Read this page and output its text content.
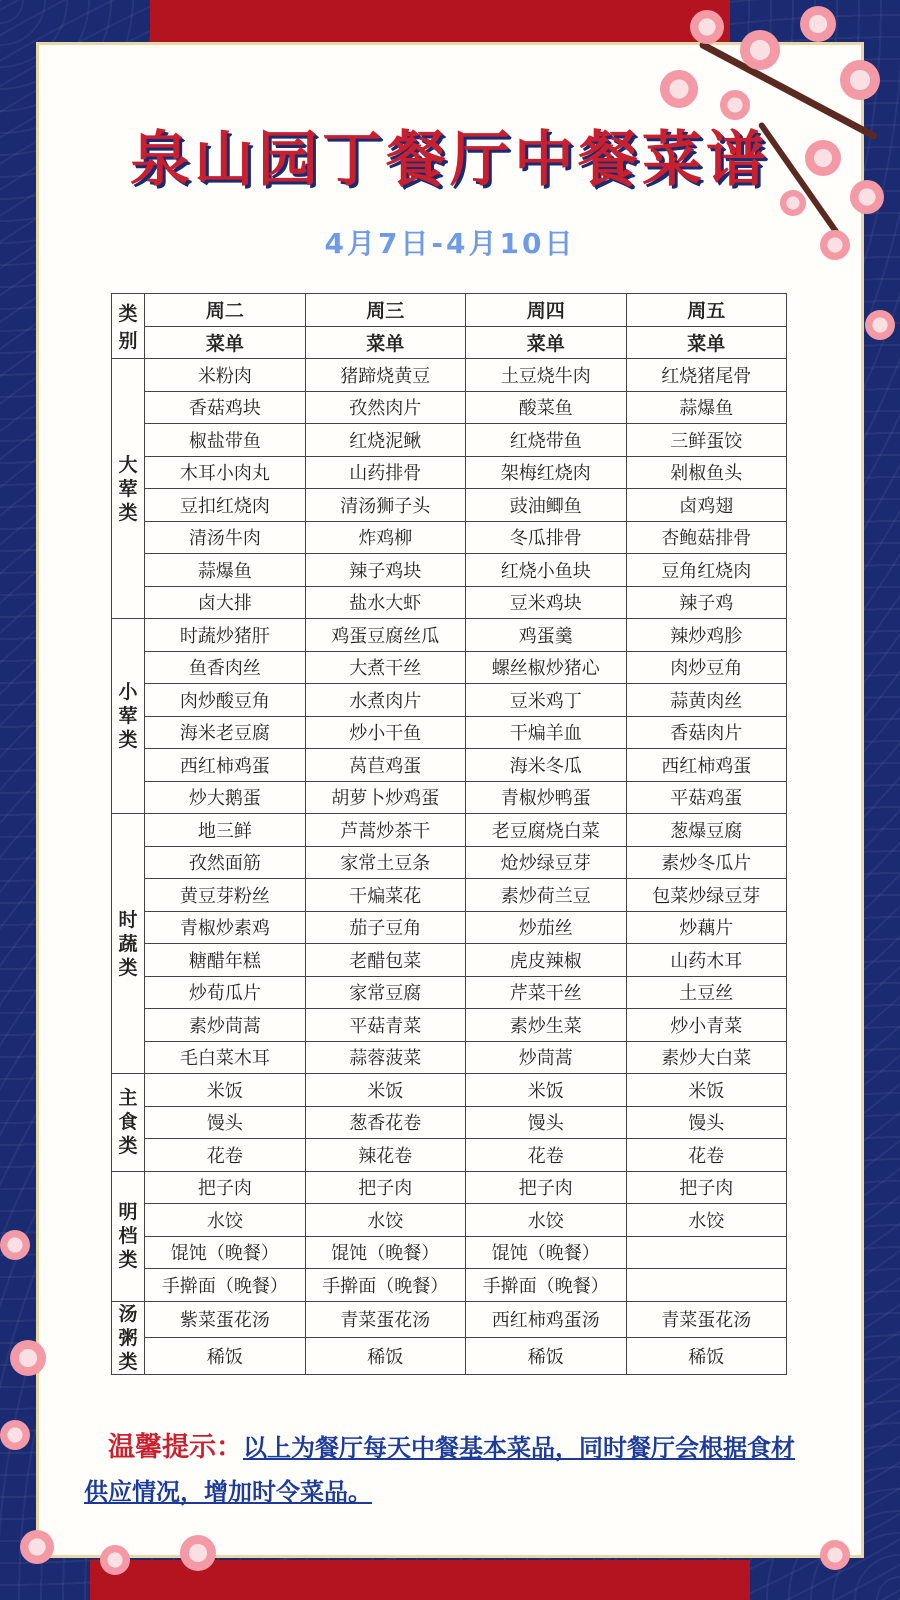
泉山园丁餐厅中餐菜谱
4月7日-4月10日
类
别	周二	周三	周四	周五
	菜单	菜单	菜单	菜单
大
荤
类	米粉肉	猪蹄烧黄豆	土豆烧牛肉	红烧猪尾骨
	香菇鸡块	孜然肉片	酸菜鱼	蒜爆鱼
	椒盐带鱼	红烧泥鳅	红烧带鱼	三鲜蛋饺
	木耳小肉丸	山药排骨	架梅红烧肉	剁椒鱼头
	豆扣红烧肉	清汤狮子头	豉油鲫鱼	卤鸡翅
	清汤牛肉	炸鸡柳	冬瓜排骨	杏鲍菇排骨
	蒜爆鱼	辣子鸡块	红烧小鱼块	豆角红烧肉
	卤大排	盐水大虾	豆米鸡块	辣子鸡
小
荤
类	时蔬炒猪肝	鸡蛋豆腐丝瓜	鸡蛋羹	辣炒鸡胗
	鱼香肉丝	大煮干丝	螺丝椒炒猪心	肉炒豆角
	肉炒酸豆角	水煮肉片	豆米鸡丁	蒜黄肉丝
	海米老豆腐	炒小干鱼	干煸羊血	香菇肉片
	西红柿鸡蛋	莴苣鸡蛋	海米冬瓜	西红柿鸡蛋
	炒大鹅蛋	胡萝卜炒鸡蛋	青椒炒鸭蛋	平菇鸡蛋
时
蔬
类	地三鲜	芦蒿炒茶干	老豆腐烧白菜	葱爆豆腐
	孜然面筋	家常土豆条	炝炒绿豆芽	素炒冬瓜片
	黄豆芽粉丝	干煸菜花	素炒荷兰豆	包菜炒绿豆芽
	青椒炒素鸡	茄子豆角	炒茄丝	炒藕片
	糖醋年糕	老醋包菜	虎皮辣椒	山药木耳
	炒荀瓜片	家常豆腐	芹菜干丝	土豆丝
	素炒茼蒿	平菇青菜	素炒生菜	炒小青菜
	毛白菜木耳	蒜蓉菠菜	炒茼蒿	素炒大白菜
主
食
类	米饭	米饭	米饭	米饭
	馒头	葱香花卷	馒头	馒头
	花卷	辣花卷	花卷	花卷
明
档
类	把子肉	把子肉	把子肉	把子肉
	水饺	水饺	水饺	水饺
	馄饨（晚餐）	馄饨（晚餐）	馄饨（晚餐）	
	手擀面（晚餐）	手擀面（晚餐）	手擀面（晚餐）	
汤
粥
类	紫菜蛋花汤	青菜蛋花汤	西红柿鸡蛋汤	青菜蛋花汤
	稀饭	稀饭	稀饭	稀饭
温馨提示：以上为餐厅每天中餐基本菜品，同时餐厅会根据食材供应情况，增加时令菜品。
